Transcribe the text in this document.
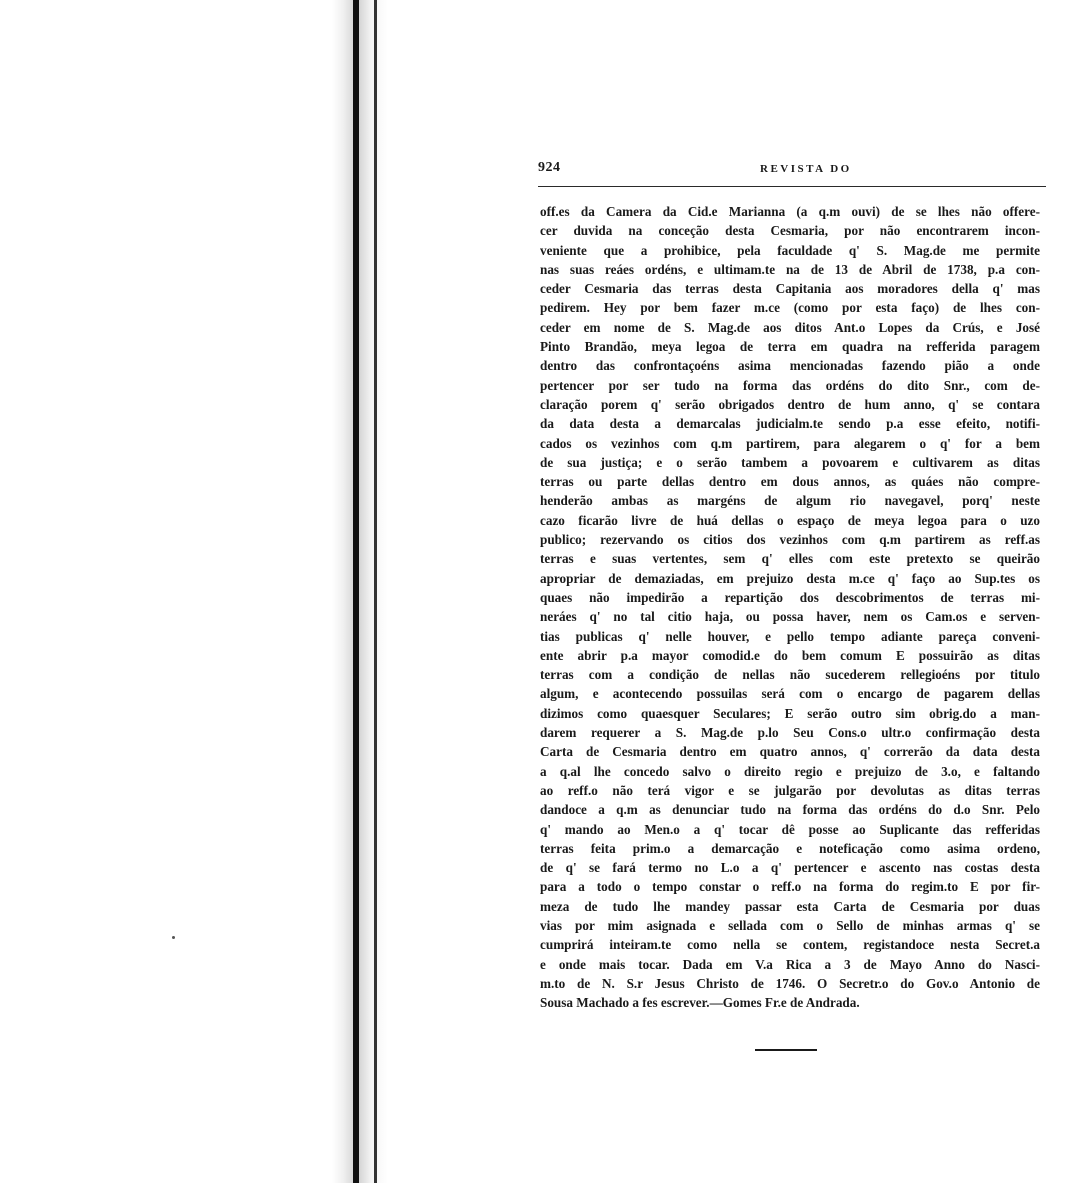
924	REVISTA DO
off.es da Camera da Cid.e Marianna (a q.m ouvi) de se lhes não offere-
cer duvida na conceção desta Cesmaria, por não encontrarem incon-
veniente que a prohibice, pela faculdade q' S. Mag.de me permite
nas suas reáes ordéns, e ultimam.te na de 13 de Abril de 1738, p.a con-
ceder Cesmaria das terras desta Capitania aos moradores della q' mas
pedirem. Hey por bem fazer m.ce (como por esta faço) de lhes con-
ceder em nome de S. Mag.de aos ditos Ant.o Lopes da Crús, e José
Pinto Brandão, meya legoa de terra em quadra na refferida paragem
dentro das confrontaçoéns asima mencionadas fazendo pião a onde
pertencer por ser tudo na forma das ordéns do dito Snr., com de-
claração porem q' serão obrigados dentro de hum anno, q' se contara
da data desta a demarcalas judicialm.te sendo p.a esse efeito, notifi-
cados os vezinhos com q.m partirem, para alegarem o q' for a bem
de sua justiça; e o serão tambem a povoarem e cultivarem as ditas
terras ou parte dellas dentro em dous annos, as quáes não compre-
henderão ambas as margéns de algum rio navegavel, porq' neste
cazo ficarão livre de huá dellas o espaço de meya legoa para o uzo
publico; rezervando os citios dos vezinhos com q.m partirem as reff.as
terras e suas vertentes, sem q' elles com este pretexto se queirão
apropriar de demaziadas, em prejuizo desta m.ce q' faço ao Sup.tes os
quaes não impedirão a repartição dos descobrimentos de terras mi-
neráes q' no tal citio haja, ou possa haver, nem os Cam.os e serven-
tias publicas q' nelle houver, e pello tempo adiante pareça conveni-
ente abrir p.a mayor comodid.e do bem comum E possuirão as ditas
terras com a condição de nellas não sucederem rellegioéns por titulo
algum, e acontecendo possuilas será com o encargo de pagarem dellas
dizimos como quaesquer Seculares; E serão outro sim obrig.do a man-
darem requerer a S. Mag.de p.lo Seu Cons.o ultr.o confirmação desta
Carta de Cesmaria dentro em quatro annos, q' correrão da data desta
a q.al lhe concedo salvo o direito regio e prejuizo de 3.o, e faltando
ao reff.o não terá vigor e se julgarão por devolutas as ditas terras
dandoce a q.m as denunciar tudo na forma das ordéns do d.o Snr. Pelo
q' mando ao Men.o a q' tocar dê posse ao Suplicante das refferidas
terras feita prim.o a demarcação e noteficação como asima ordeno,
de q' se fará termo no L.o a q' pertencer e ascento nas costas desta
para a todo o tempo constar o reff.o na forma do regim.to E por fir-
meza de tudo lhe mandey passar esta Carta de Cesmaria por duas
vias por mim asignada e sellada com o Sello de minhas armas q' se
cumprirá inteiram.te como nella se contem, registandoce nesta Secret.a
e onde mais tocar. Dada em V.a Rica a 3 de Mayo Anno do Nasci-
m.to de N. S.r Jesus Christo de 1746. O Secretr.o do Gov.o Antonio de
Sousa Machado a fes escrever.—Gomes Fr.e de Andrada.
